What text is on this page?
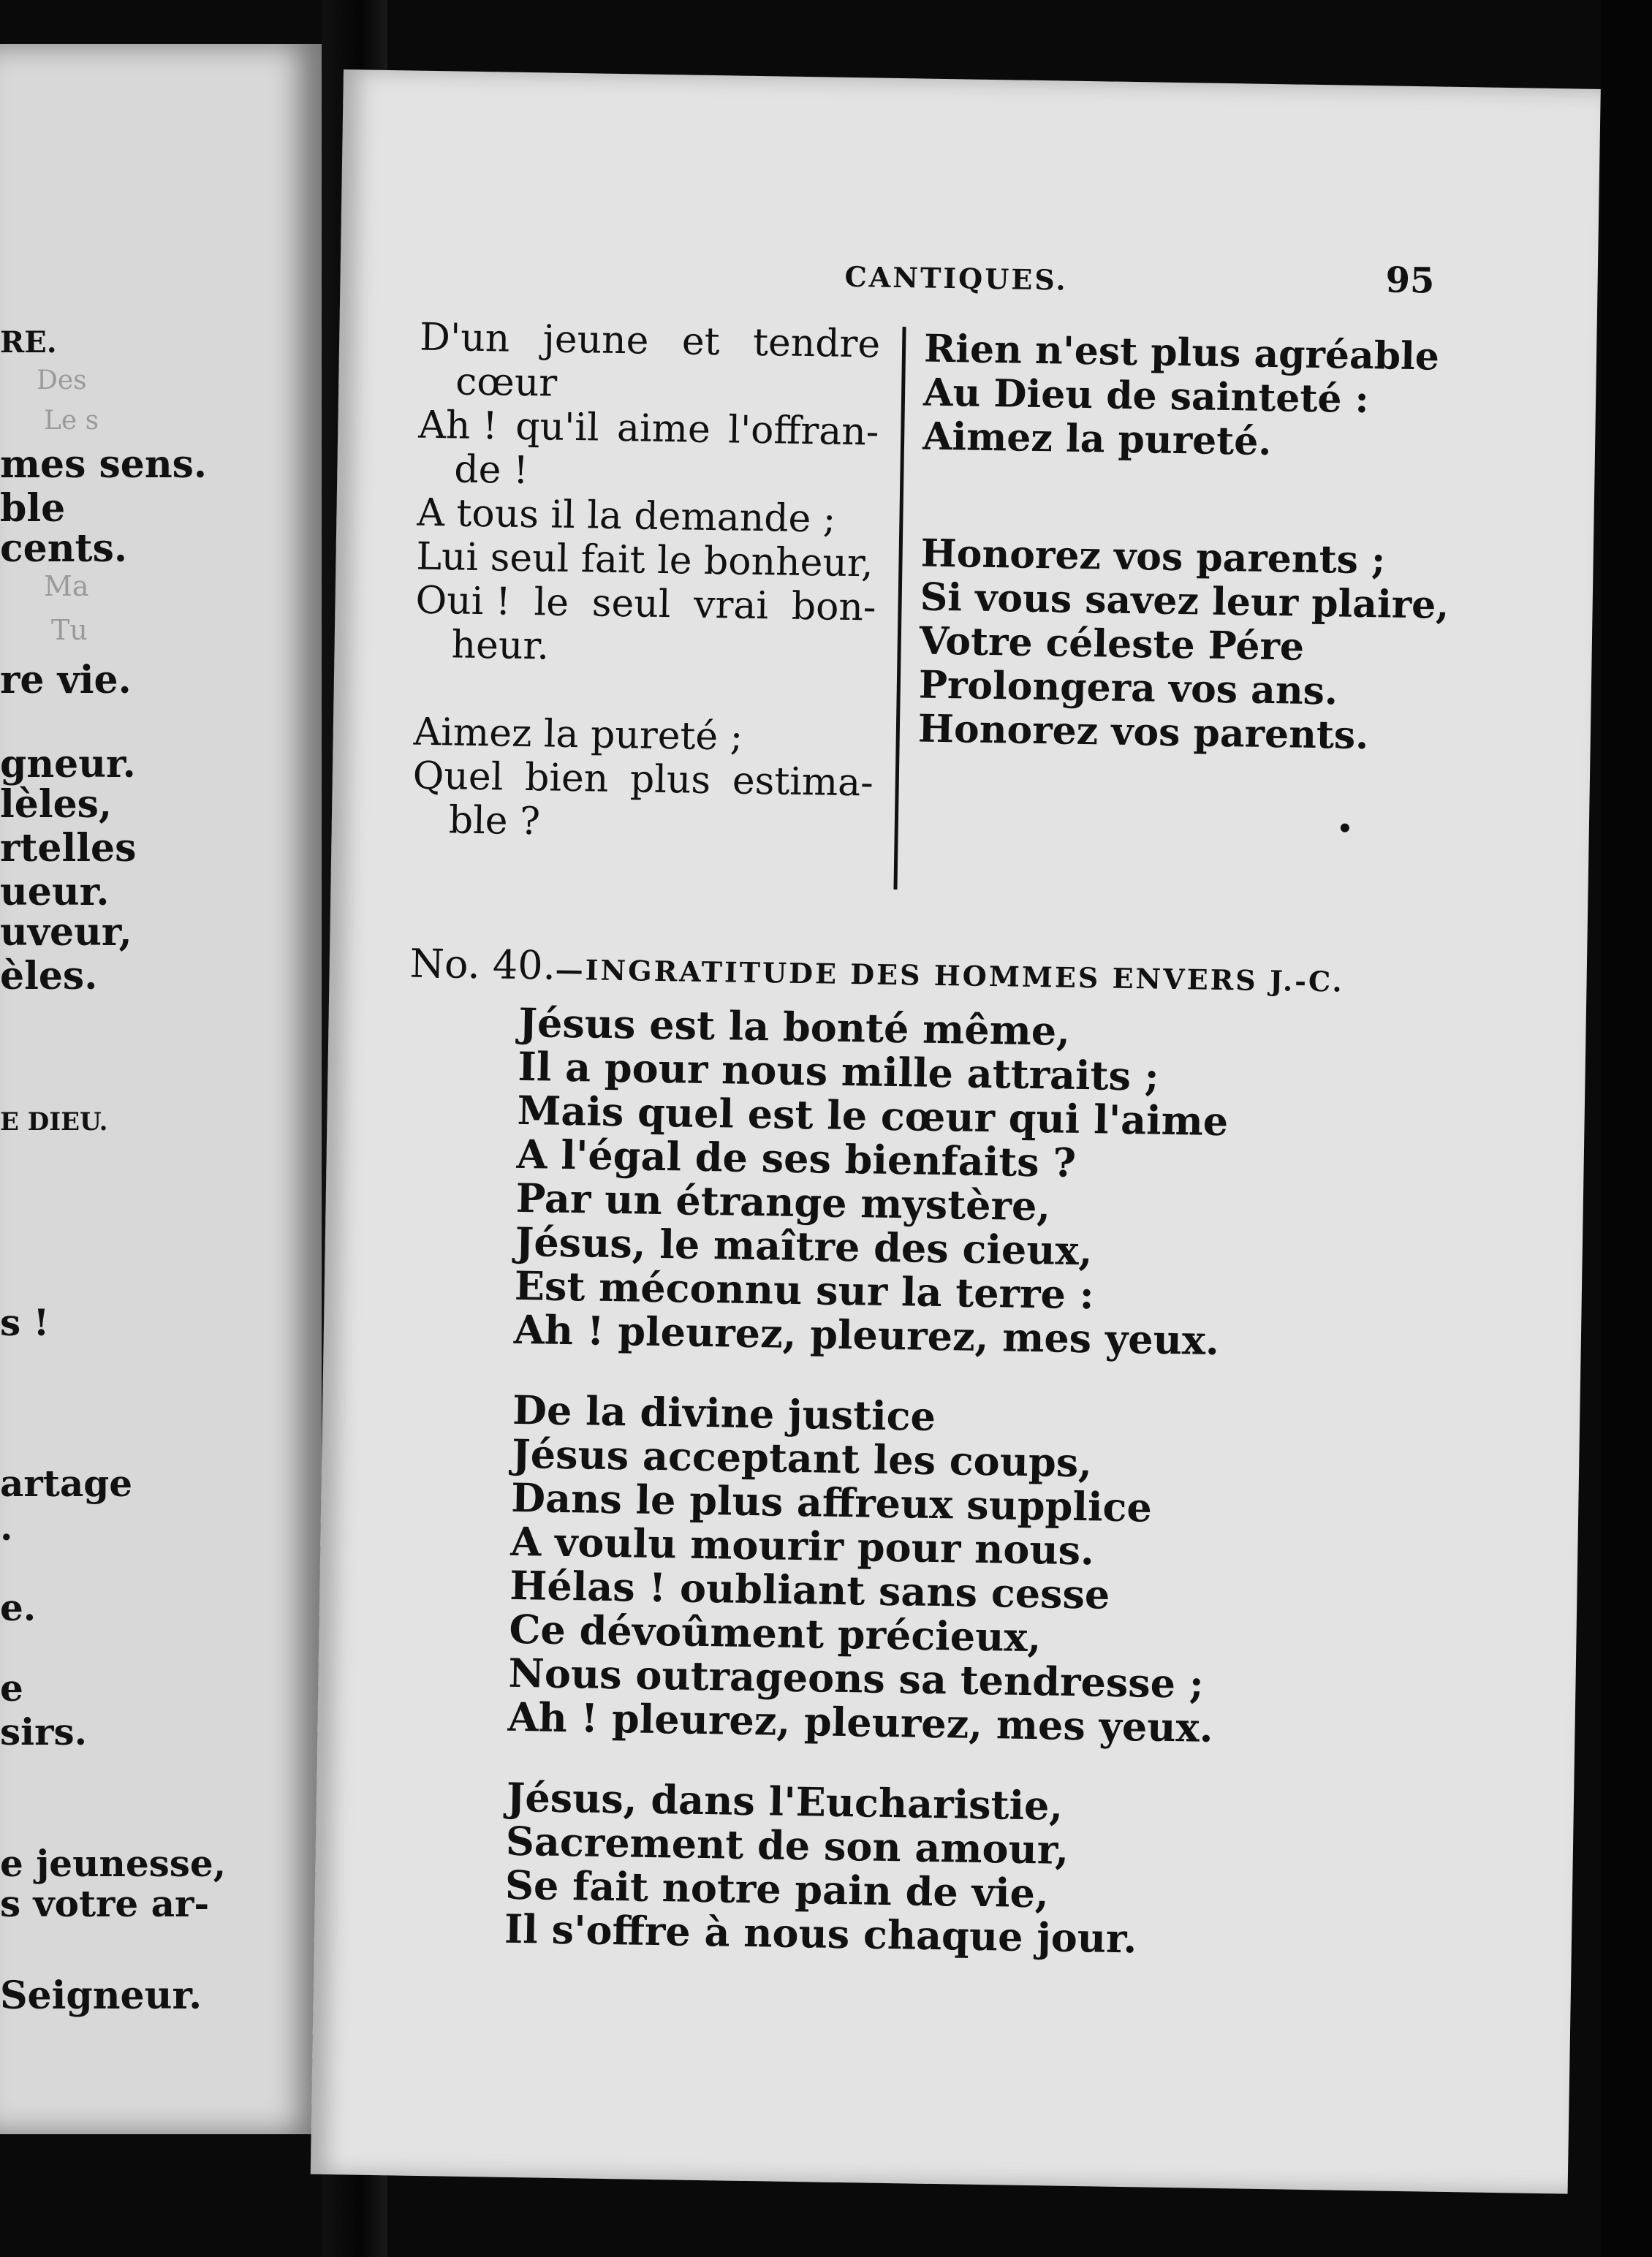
RE.
Des
Le s
mes sens.
ble
cents.
Ma
Tu
re vie.
gneur.
lèles,
rtelles
ueur.
uveur,
èles.
E DIEU.
s !
artage
.
e.
e
sirs.
e jeunesse,
s votre ar-
Seigneur.
CANTIQUES.	95
D'un jeune et tendre
cœur
Ah ! qu'il aime l'offran-
de !
A tous il la demande ;
Lui seul fait le bonheur,
Oui ! le seul vrai bon-
heur.
Aimez la pureté ;
Quel bien plus estima-
ble ?
Rien n'est plus agréable
Au Dieu de sainteté :
Aimez la pureté.
Honorez vos parents ;
Si vous savez leur plaire,
Votre céleste Pére
Prolongera vos ans.
Honorez vos parents.
No. 40.—INGRATITUDE DES HOMMES ENVERS J.-C.
Jésus est la bonté même,
Il a pour nous mille attraits ;
Mais quel est le cœur qui l'aime
A l'égal de ses bienfaits ?
Par un étrange mystère,
Jésus, le maître des cieux,
Est méconnu sur la terre :
Ah ! pleurez, pleurez, mes yeux.
De la divine justice
Jésus acceptant les coups,
Dans le plus affreux supplice
A voulu mourir pour nous.
Hélas ! oubliant sans cesse
Ce dévoûment précieux,
Nous outrageons sa tendresse ;
Ah ! pleurez, pleurez, mes yeux.
Jésus, dans l'Eucharistie,
Sacrement de son amour,
Se fait notre pain de vie,
Il s'offre à nous chaque jour.
